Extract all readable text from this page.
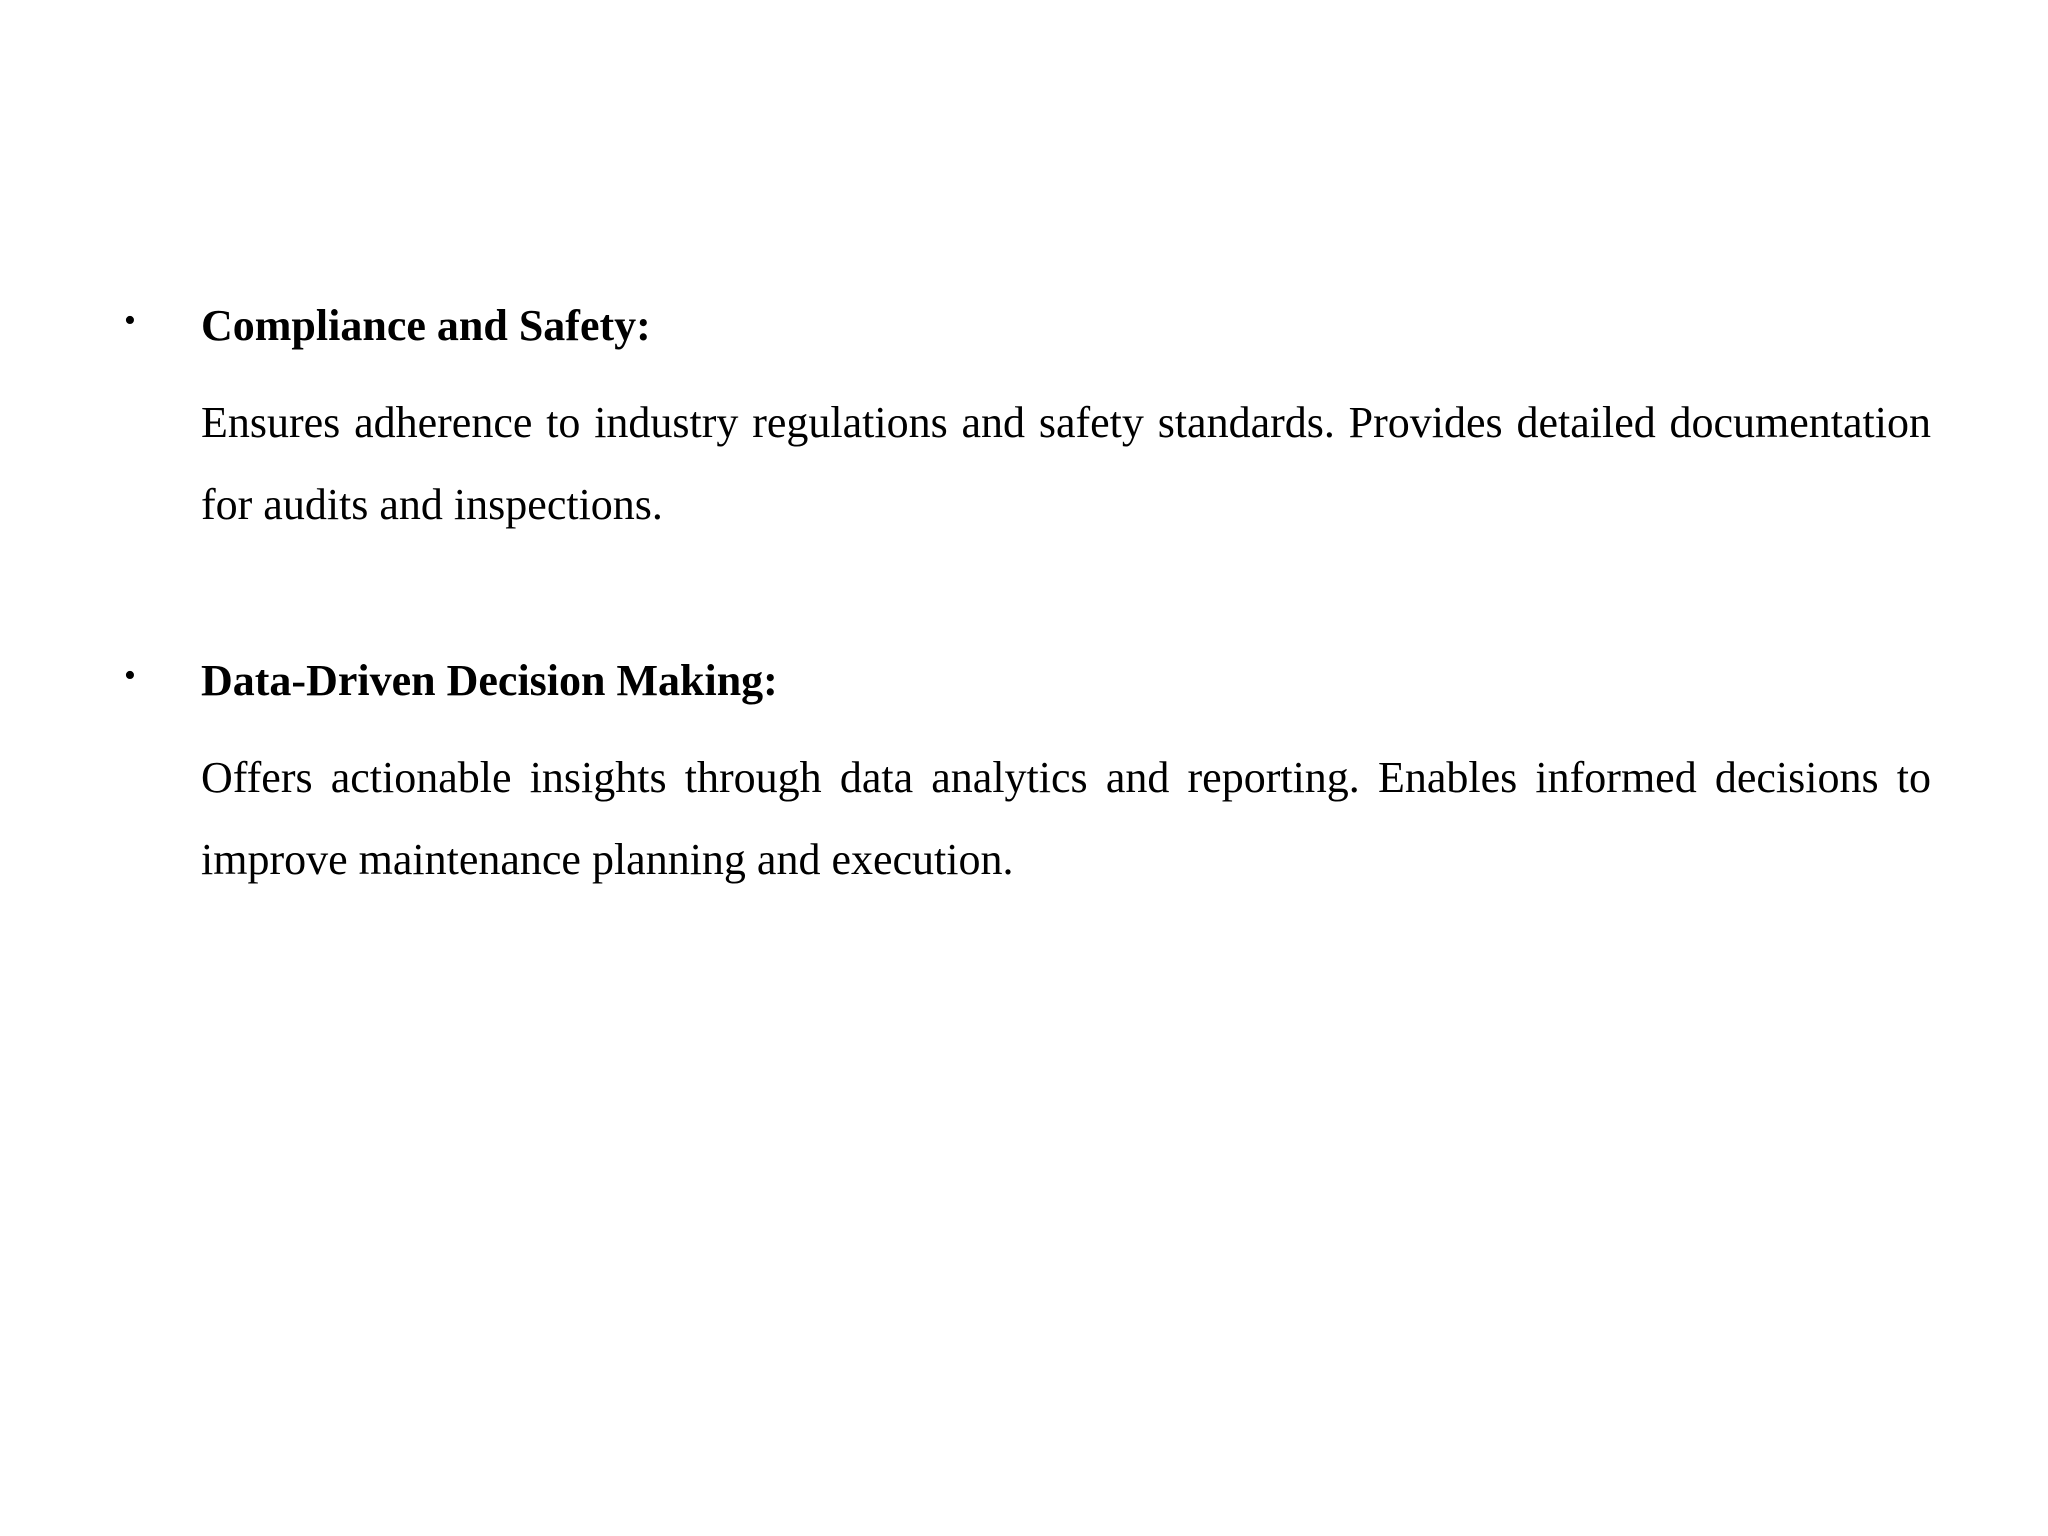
• Compliance and Safety:

Ensures adherence to industry regulations and safety standards. Provides detailed documentation for audits and inspections.

• Data-Driven Decision Making:

Offers actionable insights through data analytics and reporting. Enables informed decisions to improve maintenance planning and execution.
